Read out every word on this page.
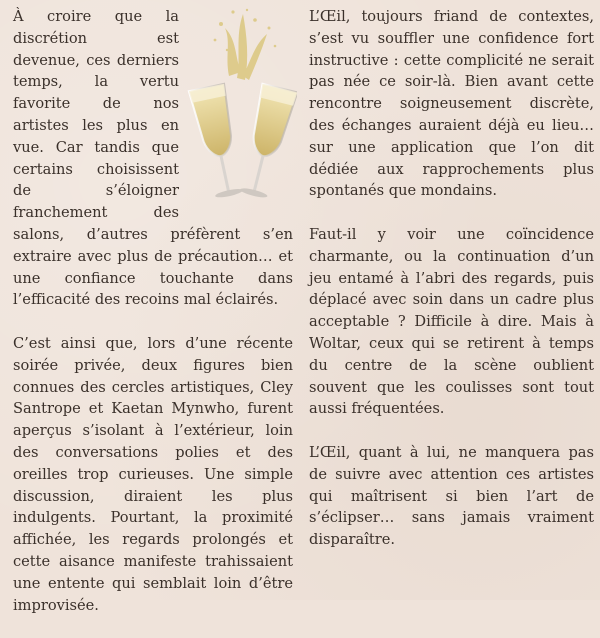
À croire que la discrétion est devenue, ces derniers temps, la vertu favorite de nos artistes les plus en vue. Car tandis que certains choisissent de s’éloigner franchement des salons, d’autres préfèrent s’en extraire avec plus de précaution… et une confiance touchante dans l’efficacité des recoins mal éclairés.

C’est ainsi que, lors d’une récente soirée privée, deux figures bien connues des cercles artistiques, Cley Santrope et Kaetan Mynwho, furent aperçus s’isolant à l’extérieur, loin des conversations polies et des oreilles trop curieuses. Une simple discussion, diraient les plus indulgents. Pourtant, la proximité affichée, les regards prolongés et cette aisance manifeste trahissaient une entente qui semblait loin d’être improvisée.

L’Œil, toujours friand de contextes, s’est vu souffler une confidence fort instructive : cette complicité ne serait pas née ce soir-là. Bien avant cette rencontre soigneusement discrète, des échanges auraient déjà eu lieu… sur une application que l’on dit dédiée aux rapprochements plus spontanés que mondains.

Faut-il y voir une coïncidence charmante, ou la continuation d’un jeu entamé à l’abri des regards, puis déplacé avec soin dans un cadre plus acceptable ? Difficile à dire. Mais à Woltar, ceux qui se retirent à temps du centre de la scène oublient souvent que les coulisses sont tout aussi fréquentées.

L’Œil, quant à lui, ne manquera pas de suivre avec attention ces artistes qui maîtrisent si bien l’art de s’éclipser… sans jamais vraiment disparaître.
